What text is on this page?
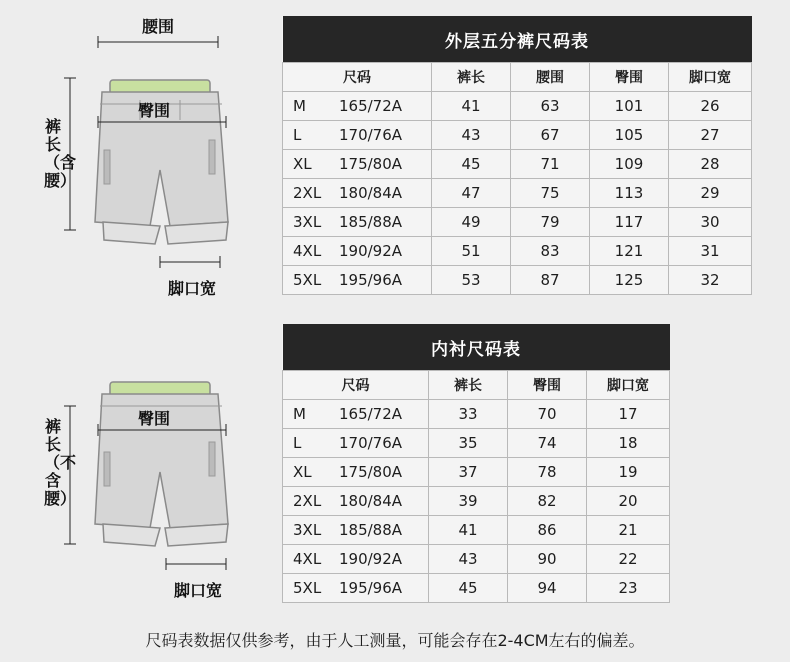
腰围
臀围
脚口宽
裤长（含腰）
外层五分裤尺码表					
尺码		裤长	腰围	臀围	脚口宽
M	165/72A	41	63	101	26
L	170/76A	43	67	105	27
XL	175/80A	45	71	109	28
2XL	180/84A	47	75	113	29
3XL	185/88A	49	79	117	30
4XL	190/92A	51	83	121	31
5XL	195/96A	53	87	125	32
臀围
脚口宽
裤长（不含腰）
内衬尺码表				
尺码		裤长	臀围	脚口宽
M	165/72A	33	70	17
L	170/76A	35	74	18
XL	175/80A	37	78	19
2XL	180/84A	39	82	20
3XL	185/88A	41	86	21
4XL	190/92A	43	90	22
5XL	195/96A	45	94	23
尺码表数据仅供参考，由于人工测量，可能会存在2-4CM左右的偏差。
